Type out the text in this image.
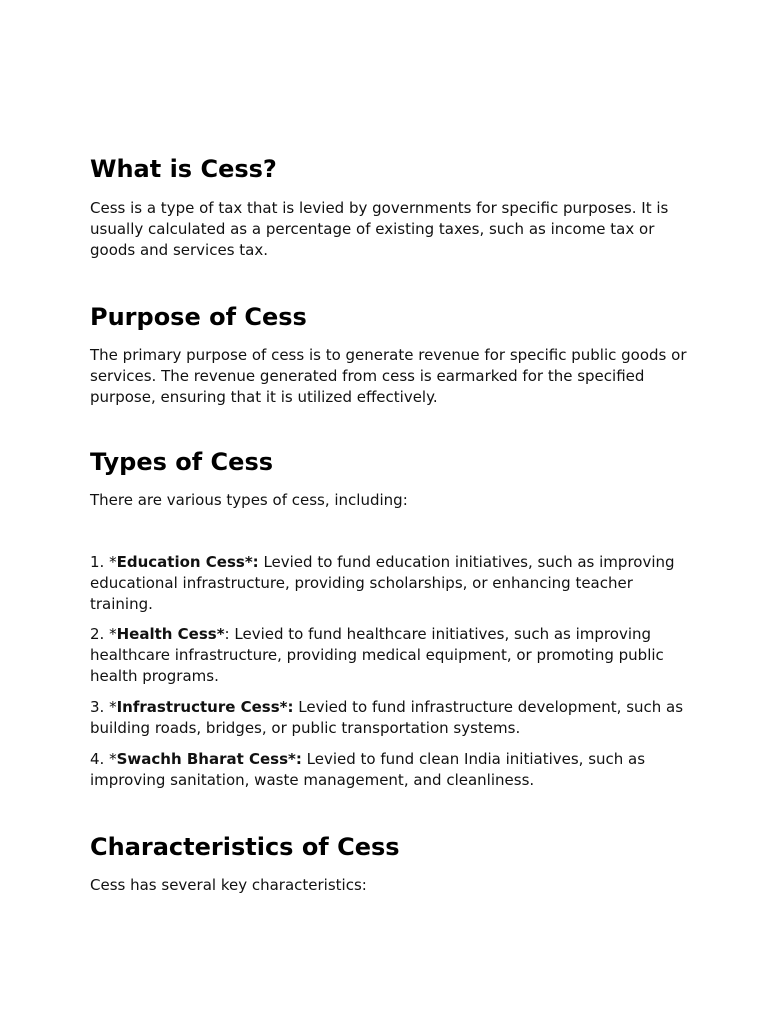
What is Cess?

Cess is a type of tax that is levied by governments for specific purposes. It is usually calculated as a percentage of existing taxes, such as income tax or goods and services tax.

Purpose of Cess

The primary purpose of cess is to generate revenue for specific public goods or services. The revenue generated from cess is earmarked for the specified purpose, ensuring that it is utilized effectively.

Types of Cess

There are various types of cess, including:

1. *Education Cess*: Levied to fund education initiatives, such as improving educational infrastructure, providing scholarships, or enhancing teacher training.
2. *Health Cess*: Levied to fund healthcare initiatives, such as improving healthcare infrastructure, providing medical equipment, or promoting public health programs.
3. *Infrastructure Cess*: Levied to fund infrastructure development, such as building roads, bridges, or public transportation systems.
4. *Swachh Bharat Cess*: Levied to fund clean India initiatives, such as improving sanitation, waste management, and cleanliness.
Characteristics of Cess

Cess has several key characteristics:
